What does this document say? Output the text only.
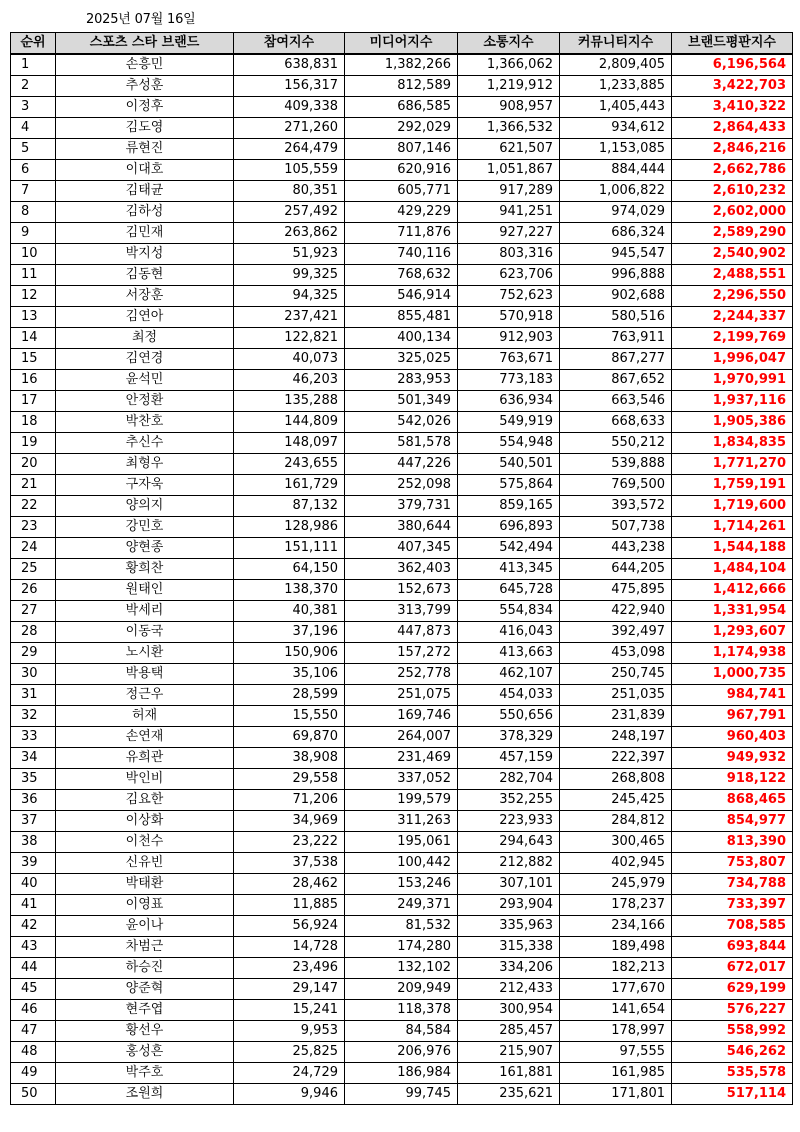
2025년 07월 16일
순위	스포츠 스타 브랜드	참여지수	미디어지수	소통지수	커뮤니티지수	브랜드평판지수
1	손흥민	638,831	1,382,266	1,366,062	2,809,405	6,196,564
2	추성훈	156,317	812,589	1,219,912	1,233,885	3,422,703
3	이정후	409,338	686,585	908,957	1,405,443	3,410,322
4	김도영	271,260	292,029	1,366,532	934,612	2,864,433
5	류현진	264,479	807,146	621,507	1,153,085	2,846,216
6	이대호	105,559	620,916	1,051,867	884,444	2,662,786
7	김태균	80,351	605,771	917,289	1,006,822	2,610,232
8	김하성	257,492	429,229	941,251	974,029	2,602,000
9	김민재	263,862	711,876	927,227	686,324	2,589,290
10	박지성	51,923	740,116	803,316	945,547	2,540,902
11	김동현	99,325	768,632	623,706	996,888	2,488,551
12	서장훈	94,325	546,914	752,623	902,688	2,296,550
13	김연아	237,421	855,481	570,918	580,516	2,244,337
14	최정	122,821	400,134	912,903	763,911	2,199,769
15	김연경	40,073	325,025	763,671	867,277	1,996,047
16	윤석민	46,203	283,953	773,183	867,652	1,970,991
17	안정환	135,288	501,349	636,934	663,546	1,937,116
18	박찬호	144,809	542,026	549,919	668,633	1,905,386
19	추신수	148,097	581,578	554,948	550,212	1,834,835
20	최형우	243,655	447,226	540,501	539,888	1,771,270
21	구자욱	161,729	252,098	575,864	769,500	1,759,191
22	양의지	87,132	379,731	859,165	393,572	1,719,600
23	강민호	128,986	380,644	696,893	507,738	1,714,261
24	양현종	151,111	407,345	542,494	443,238	1,544,188
25	황희찬	64,150	362,403	413,345	644,205	1,484,104
26	원태인	138,370	152,673	645,728	475,895	1,412,666
27	박세리	40,381	313,799	554,834	422,940	1,331,954
28	이동국	37,196	447,873	416,043	392,497	1,293,607
29	노시환	150,906	157,272	413,663	453,098	1,174,938
30	박용택	35,106	252,778	462,107	250,745	1,000,735
31	정근우	28,599	251,075	454,033	251,035	984,741
32	허재	15,550	169,746	550,656	231,839	967,791
33	손연재	69,870	264,007	378,329	248,197	960,403
34	유희관	38,908	231,469	457,159	222,397	949,932
35	박인비	29,558	337,052	282,704	268,808	918,122
36	김요한	71,206	199,579	352,255	245,425	868,465
37	이상화	34,969	311,263	223,933	284,812	854,977
38	이천수	23,222	195,061	294,643	300,465	813,390
39	신유빈	37,538	100,442	212,882	402,945	753,807
40	박태환	28,462	153,246	307,101	245,979	734,788
41	이영표	11,885	249,371	293,904	178,237	733,397
42	윤이나	56,924	81,532	335,963	234,166	708,585
43	차범근	14,728	174,280	315,338	189,498	693,844
44	하승진	23,496	132,102	334,206	182,213	672,017
45	양준혁	29,147	209,949	212,433	177,670	629,199
46	현주엽	15,241	118,378	300,954	141,654	576,227
47	황선우	9,953	84,584	285,457	178,997	558,992
48	홍성흔	25,825	206,976	215,907	97,555	546,262
49	박주호	24,729	186,984	161,881	161,985	535,578
50	조원희	9,946	99,745	235,621	171,801	517,114
